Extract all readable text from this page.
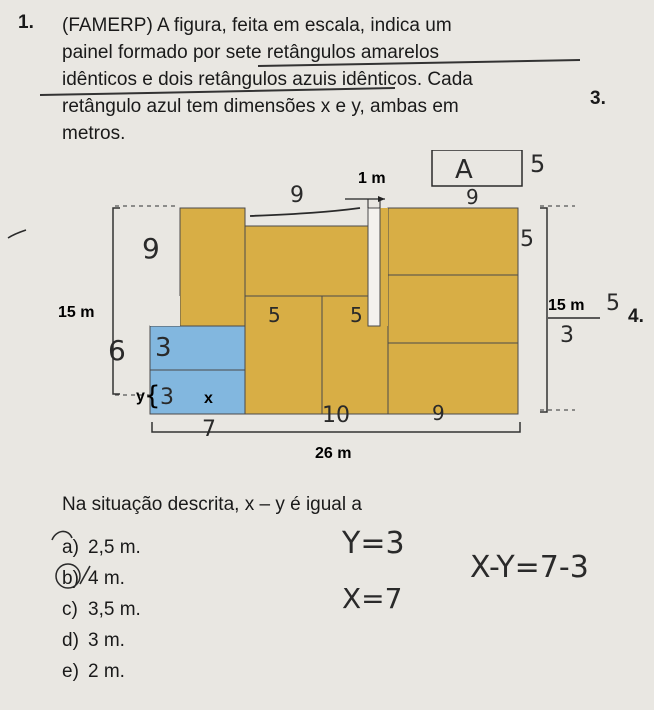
1. (FAMERP) A figura, feita em escala, indica um
painel formado por sete retângulos amarelos
idênticos e dois retângulos azuis idênticos. Cada
retângulo azul tem dimensões x e y, ambas em
metros.
3.
4.
1 m
15 m	15 m
26 m
x
y {
A 5
9
9
9	5
6 3
3
5	5
10
7
9
5
3
Na situação descrita, x – y é igual a
a) 2,5 m.
b) 4 m.
c) 3,5 m.
d) 3 m.
e) 2 m.
Y=3
X=7
X-Y=7-3
